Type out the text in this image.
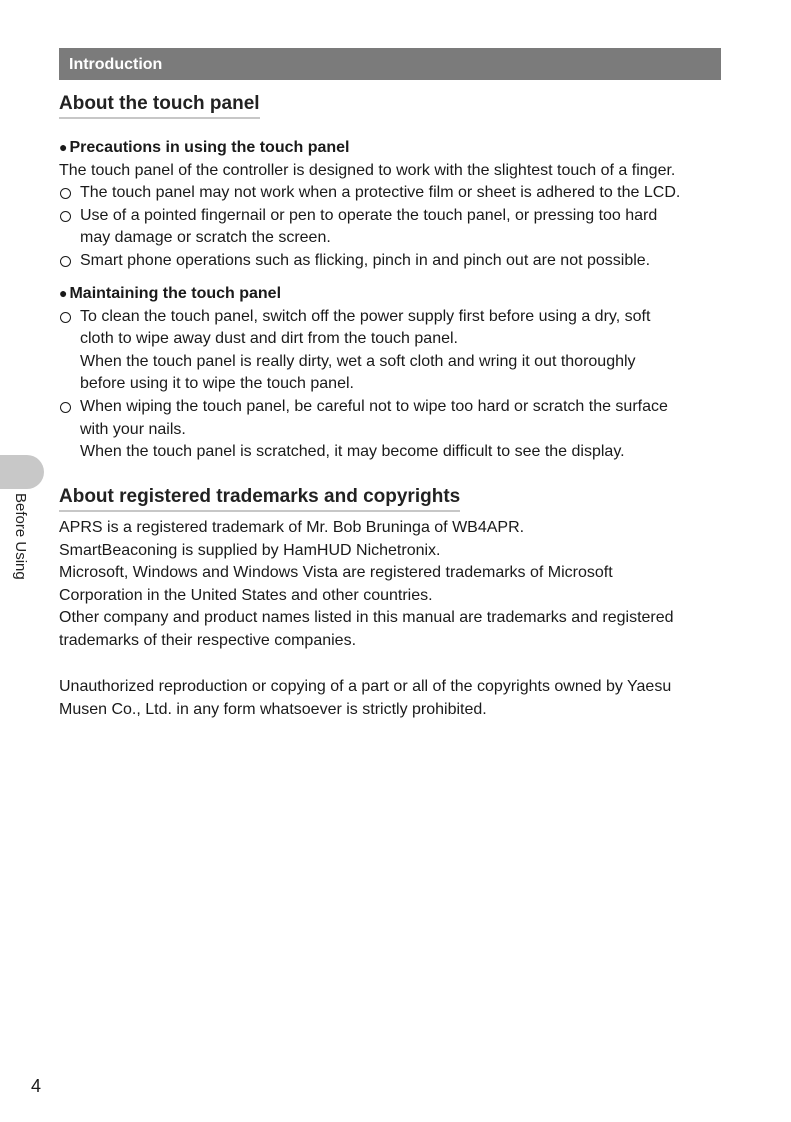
Introduction
About the touch panel
● Precautions in using the touch panel

The touch panel of the controller is designed to work with the slightest touch of a finger.

The touch panel may not work when a protective film or sheet is adhered to the LCD.
Use of a pointed fingernail or pen to operate the touch panel, or pressing too hard
may damage or scratch the screen.
Smart phone operations such as flicking, pinch in and pinch out are not possible.
● Maintaining the touch panel
To clean the touch panel, switch off the power supply first before using a dry, soft
cloth to wipe away dust and dirt from the touch panel.
When the touch panel is really dirty, wet a soft cloth and wring it out thoroughly
before using it to wipe the touch panel.
When wiping the touch panel, be careful not to wipe too hard or scratch the surface
with your nails.
When the touch panel is scratched, it may become difficult to see the display.
About registered trademarks and copyrights

APRS is a registered trademark of Mr. Bob Bruninga of WB4APR.

SmartBeaconing is supplied by HamHUD Nichetronix.

Microsoft, Windows and Windows Vista are registered trademarks of Microsoft

Corporation in the United States and other countries.

Other company and product names listed in this manual are trademarks and registered

trademarks of their respective companies.

Unauthorized reproduction or copying of a part or all of the copyrights owned by Yaesu

Musen Co., Ltd. in any form whatsoever is strictly prohibited.

Before Using
4
